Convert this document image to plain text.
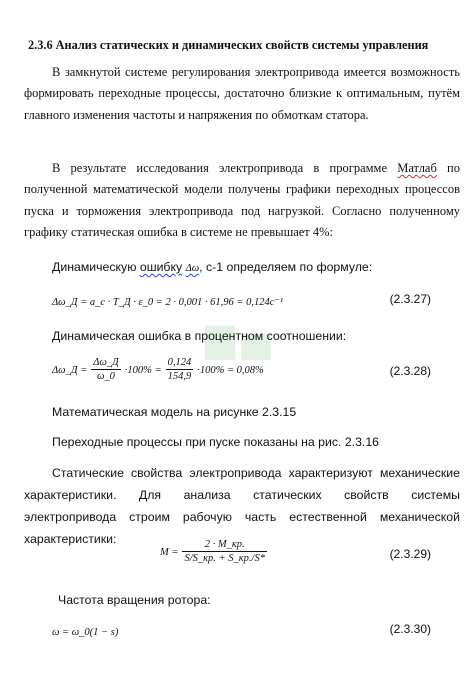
2.3.6 Анализ статических и динамических свойств системы управления
В замкнутой системе регулирования электропривода имеется возможность формировать переходные процессы, достаточно близкие к оптимальным, путём главного изменения частоты и напряжения по обмоткам статора.
В результате исследования электропривода в программе Матлаб по полученной математической модели получены графики переходных процессов пуска и торможения электропривода под нагрузкой. Согласно полученному графику статическая ошибка в системе не превышает 4%:
Динамическую ошибку Δω, с-1 определяем по формуле:
Δω_Д = a_c · T_Д · ε_0 = 2 · 0,001 · 61,96 = 0,124c⁻¹	(2.3.27)
Динамическая ошибка в процентном соотношении:
Δω_Д = $\frac{\Delta\omega\_Д}{\omega\_0} \cdot 100\% = \frac{0,124}{154,9} \cdot 100\% = 0,08\%$	(2.3.28)
Математическая модель на рисунке 2.3.15
Переходные процессы при пуске показаны на рис. 2.3.16
Статические свойства электропривода характеризуют механические характеристики. Для анализа статических свойств системы электропривода строим рабочую часть естественной механической характеристики:
$M = \frac{2 \cdot M\_кр.}{S/S\_кр. + S\_кр./S*}$	(2.3.29)
Частота вращения ротора:
ω = ω_0(1 − s)	(2.3.30)
